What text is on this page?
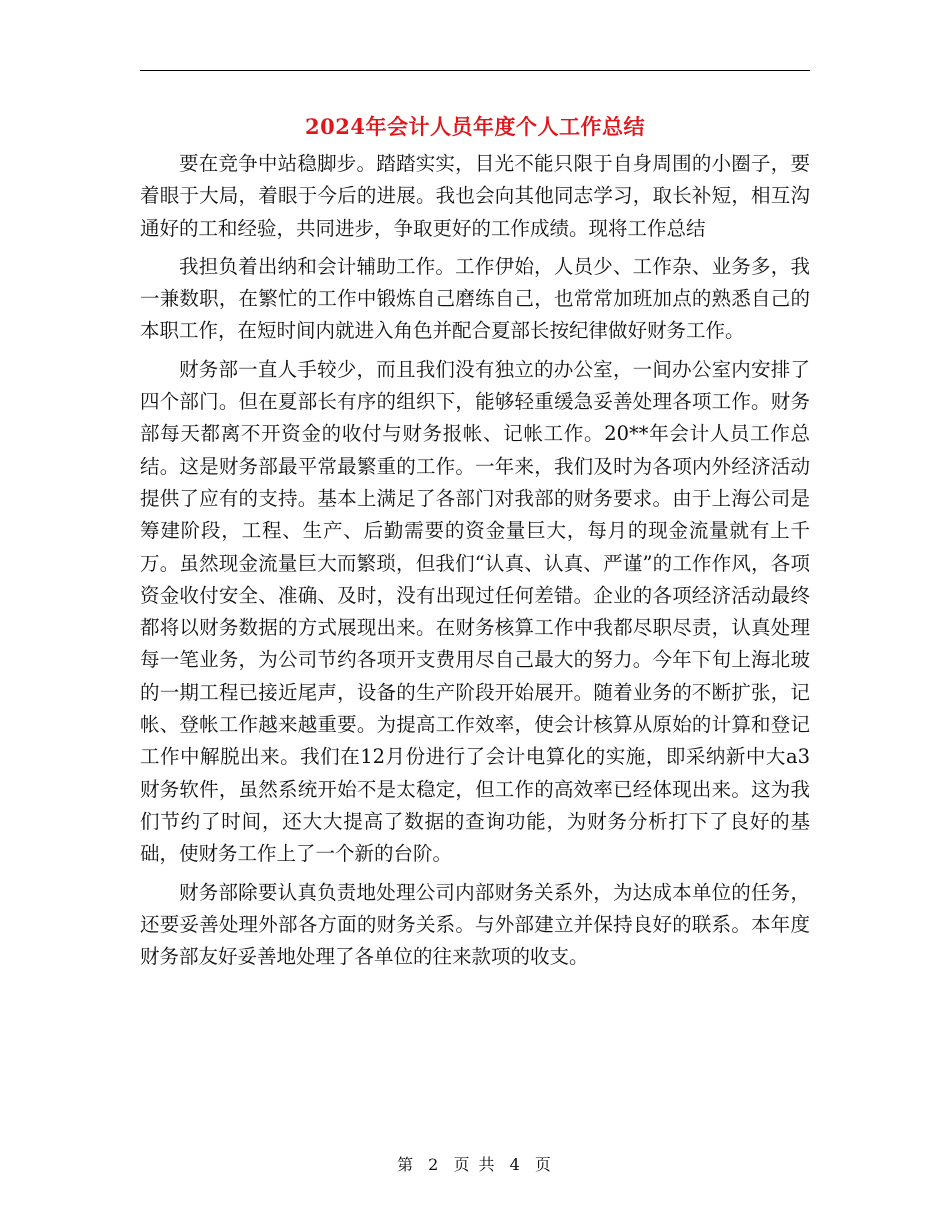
2024年会计人员年度个人工作总结

要在竞争中站稳脚步。踏踏实实，目光不能只限于自身周围的小圈子，要着眼于大局，着眼于今后的进展。我也会向其他同志学习，取长补短，相互沟通好的工和经验，共同进步，争取更好的工作成绩。现将工作总结

我担负着出纳和会计辅助工作。工作伊始，人员少、工作杂、业务多，我一兼数职，在繁忙的工作中锻炼自己磨练自己，也常常加班加点的熟悉自己的本职工作，在短时间内就进入角色并配合夏部长按纪律做好财务工作。

财务部一直人手较少，而且我们没有独立的办公室，一间办公室内安排了四个部门。但在夏部长有序的组织下，能够轻重缓急妥善处理各项工作。财务部每天都离不开资金的收付与财务报帐、记帐工作。20**年会计人员工作总结。这是财务部最平常最繁重的工作。一年来，我们及时为各项内外经济活动提供了应有的支持。基本上满足了各部门对我部的财务要求。由于上海公司是筹建阶段，工程、生产、后勤需要的资金量巨大，每月的现金流量就有上千万。虽然现金流量巨大而繁琐，但我们“认真、认真、严谨”的工作作风，各项资金收付安全、准确、及时，没有出现过任何差错。企业的各项经济活动最终都将以财务数据的方式展现出来。在财务核算工作中我都尽职尽责，认真处理每一笔业务，为公司节约各项开支费用尽自己最大的努力。今年下旬上海北玻的一期工程已接近尾声，设备的生产阶段开始展开。随着业务的不断扩张，记帐、登帐工作越来越重要。为提高工作效率，使会计核算从原始的计算和登记工作中解脱出来。我们在12月份进行了会计电算化的实施，即采纳新中大a3财务软件，虽然系统开始不是太稳定，但工作的高效率已经体现出来。这为我们节约了时间，还大大提高了数据的查询功能，为财务分析打下了良好的基础，使财务工作上了一个新的台阶。

财务部除要认真负责地处理公司内部财务关系外，为达成本单位的任务，还要妥善处理外部各方面的财务关系。与外部建立并保持良好的联系。本年度财务部友好妥善地处理了各单位的往来款项的收支。

第 2 页 共 4 页
